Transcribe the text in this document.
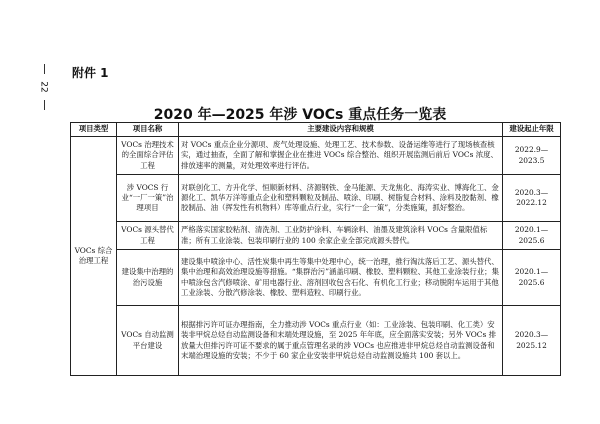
22
附件 1
2020 年—2025 年涉 VOCs 重点任务一览表
项目类型	项目名称	主要建设内容和规模	建设起止年限
VOCs 综合治理工程	VOCs 治理技术的全面综合评估工程	对 VOCs 重点企业分源项、废气处理设施、处理工艺、技术参数、设备运维等进行了现场核查核实，通过抽查，全面了解和掌握企业在推进 VOCs 综合整治、组织开展监测后前后 VOCs 浓度、排放速率的测量，对处理效率进行评估。	2022.9—2023.5
	涉 VOCS 行业“一厂一策”治理项目	对联创化工、方升化学、恒顺新材料、济源钢铁、金马能源、天龙焦化、海涛实业、博海化工、金源化工、凯华万洋等重点企业和塑料颗粒及制品、喷涂、印刷、树脂复合材料、涂料及胶黏剂、橡胶制品、油（挥发性有机物料）库等重点行业，实行“一企一策”，分类施策，抓好整治。	2020.3—2022.12
	VOCs 源头替代工程	严格落实国家胶粘剂、清洗剂、工业防护涂料、车辆涂料、油墨及建筑涂料 VOCs 含量限值标准；所有工业涂装、包装印刷行业的 100 余家企业全部完成源头替代。	2020.1—2025.6
	建设集中治理的治污设施	建设集中喷涂中心、活性炭集中再生等集中处理中心，统一治理，推行淘汰落后工艺、源头替代、集中治理和高效治理设施等措施。“集群治污”涵盖印刷、橡胶、塑料颗粒、其他工业涂装行业；集中喷涂包含汽修喷涂、矿用电器行业、溶剂回收包含石化、有机化工行业；移动脱附车运用于其他工业涂装、分散汽修涂装、橡胶、塑料造粒、印刷行业。	2020.1—2025.6
	VOCs 自动监测平台建设	根据排污许可证办理指南，全力推动涉 VOCs 重点行业（如：工业涂装、包装印刷、化工类）安装非甲烷总烃自动监测设备和末端处理设施，至 2025 年年底，应全面落实安装；另外 VOCs 排放量大但排污许可证不要求的属于重点管理名录的涉 VOCs 也应推进非甲烷总烃自动监测设备和末端治理设施的安装；不少于 60 家企业安装非甲烷总烃自动监测设施共 100 套以上。	2020.3—2025.12
